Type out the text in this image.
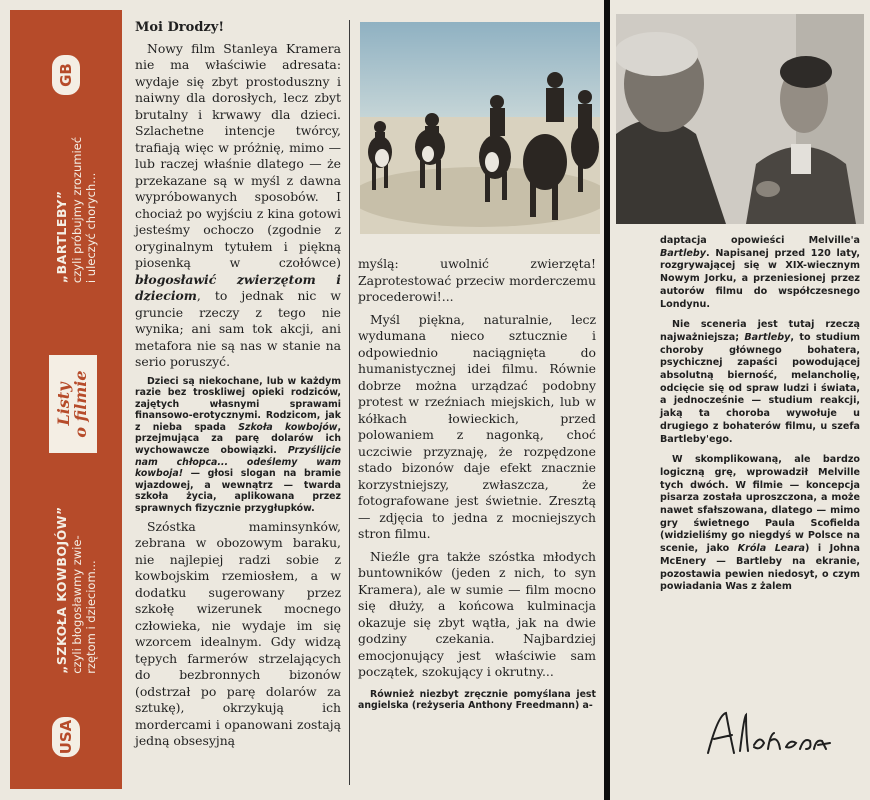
GB
„BARTLEBY” czyli próbujmy zrozumieć i uleczyć chorych...
Listy
o filmie
„SZKOŁA KOWBOJÓW” czyli błogosławmy zwie- rzętom i dzieciom...
USA

Moi Drodzy!

Nowy film Stanleya Kramera nie ma właściwie adresata: wydaje się zbyt prostoduszny i naiwny dla dorosłych, lecz zbyt brutalny i krwawy dla dzieci. Szlachetne intencje twórcy, trafiają więc w próżnię, mimo — lub raczej właśnie dlatego — że przekazane są w myśl z dawna wypróbowanych sposobów. I chociaż po wyjściu z kina gotowi jesteśmy ochoczo (zgodnie z oryginalnym tytułem i piękną piosenką w czołówce) błogosławić zwierzętom i dzieciom, to jednak nic w gruncie rzeczy z tego nie wynika; ani sam tok akcji, ani metafora nie są nas w stanie na serio poruszyć.

Dzieci są niekochane, lub w każdym razie bez troskliwej opieki rodziców, zajętych własnymi sprawami finansowo-erotycznymi. Rodzicom, jak z nieba spada Szkoła kowbojów, przejmująca za parę dolarów ich wychowawcze obowiązki. Przyślijcie nam chłopca... odeślemy wam kowboja! — głosi slogan na bramie wjazdowej, a wewnątrz — twarda szkoła życia, aplikowana przez sprawnych fizycznie przygłupków.

Szóstka maminsynków, zebrana w obozowym baraku, nie najlepiej radzi sobie z kowbojskim rzemiosłem, a w dodatku sugerowany przez szkołę wizerunek mocnego człowieka, nie wydaje im się wzorcem idealnym. Gdy widzą tępych farmerów strzelających do bezbronnych bizonów (odstrzał po parę dolarów za sztukę), okrzykują ich mordercami i opanowani zostają jedną obsesyjną

myślą: uwolnić zwierzęta! Zaprotestować przeciw morderczemu procederowi!...

Myśl piękna, naturalnie, lecz wydumana nieco sztucznie i odpowiednio naciągnięta do humanistycznej idei filmu. Równie dobrze można urządzać podobny protest w rzeźniach miejskich, lub w kółkach łowieckich, przed polowaniem z nagonką, choć uczciwie przyznaję, że rozpędzone stado bizonów daje efekt znacznie korzystniejszy, zwłaszcza, że fotografowane jest świetnie. Zresztą — zdjęcia to jedna z mocniejszych stron filmu.

Nieźle gra także szóstka młodych buntowników (jeden z nich, to syn Kramera), ale w sumie — film mocno się dłuży, a końcowa kulminacja okazuje się zbyt wątła, jak na dwie godziny czekania. Najbardziej emocjonujący jest właściwie sam początek, szokujący i okrutny...

Również niezbyt zręcznie pomyślana jest angielska (reżyseria Anthony Freedmann) a-

daptacja opowieści Melville'a Bartleby. Napisanej przed 120 laty, rozgrywającej się w XIX-wiecznym Nowym Jorku, a przeniesionej przez autorów filmu do współczesnego Londynu.

Nie sceneria jest tutaj rzeczą najważniejsza; Bartleby, to studium choroby głównego bohatera, psychicznej zapaści powodującej absolutną bierność, melancholię, odcięcie się od spraw ludzi i świata, a jednocześnie — studium reakcji, jaką ta choroba wywołuje u drugiego z bohaterów filmu, u szefa Bartleby'ego.

W skomplikowaną, ale bardzo logiczną grę, wprowadził Melville tych dwóch. W filmie — koncepcja pisarza została uproszczona, a może nawet sfałszowana, dlatego — mimo gry świetnego Paula Scofielda (widzieliśmy go niegdyś w Polsce na scenie, jako Króla Leara) i Johna McEnery — Bartleby na ekranie, pozostawia pewien niedosyt, o czym powiadania Was z żalem
